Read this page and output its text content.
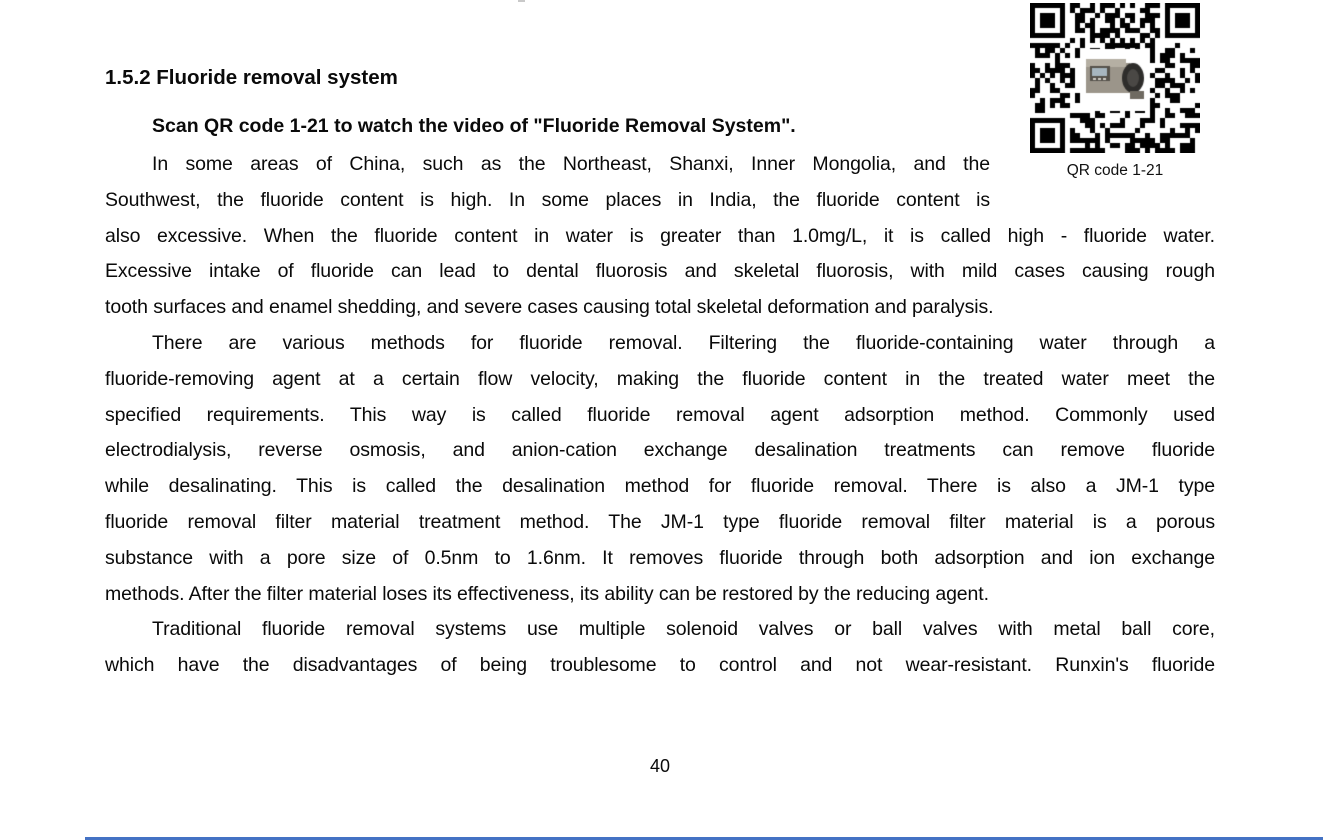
QR code 1-21
1.5.2 Fluoride removal system
Scan QR code 1-21 to watch the video of "Fluoride Removal System".
In some areas of China, such as the Northeast, Shanxi, Inner Mongolia, and the
Southwest, the fluoride content is high. In some places in India, the fluoride content is
also excessive. When the fluoride content in water is greater than 1.0mg/L, it is called high - fluoride water.
Excessive intake of fluoride can lead to dental fluorosis and skeletal fluorosis, with mild cases causing rough
tooth surfaces and enamel shedding, and severe cases causing total skeletal deformation and paralysis.
There are various methods for fluoride removal. Filtering the fluoride-containing water through a
fluoride-removing agent at a certain flow velocity, making the fluoride content in the treated water meet the
specified requirements. This way is called fluoride removal agent adsorption method. Commonly used
electrodialysis, reverse osmosis, and anion-cation exchange desalination treatments can remove fluoride
while desalinating. This is called the desalination method for fluoride removal. There is also a JM-1 type
fluoride removal filter material treatment method. The JM-1 type fluoride removal filter material is a porous
substance with a pore size of 0.5nm to 1.6nm. It removes fluoride through both adsorption and ion exchange
methods. After the filter material loses its effectiveness, its ability can be restored by the reducing agent.
Traditional fluoride removal systems use multiple solenoid valves or ball valves with metal ball core,
which have the disadvantages of being troublesome to control and not wear-resistant. Runxin's fluoride
40
